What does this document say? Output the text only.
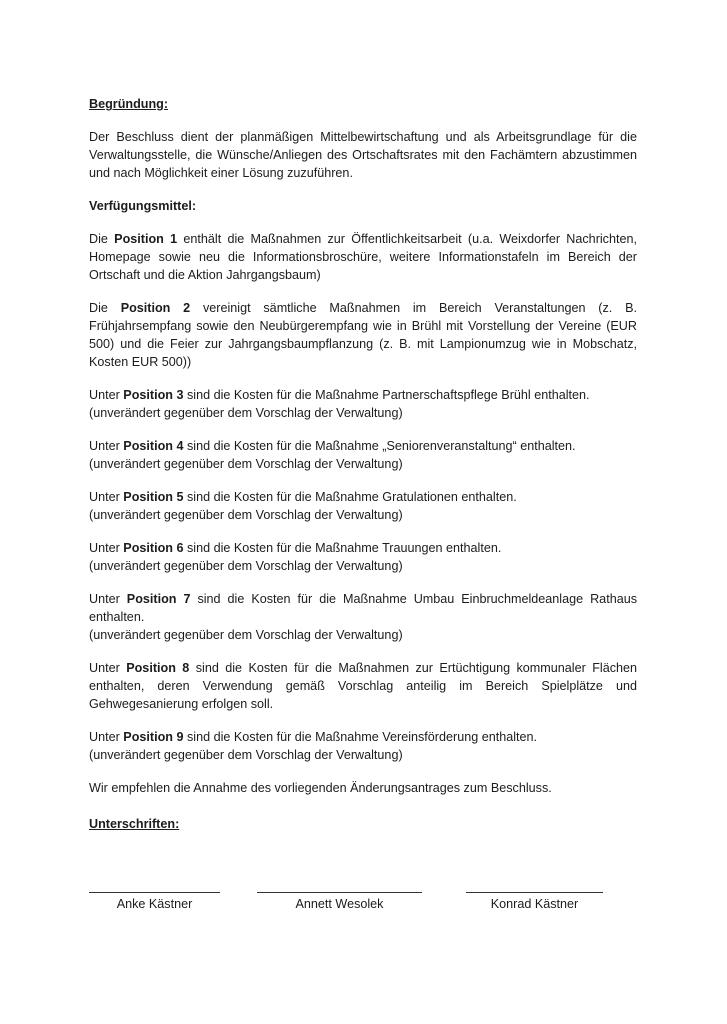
Begründung:

Der Beschluss dient der planmäßigen Mittelbewirtschaftung und als Arbeitsgrundlage für die Verwaltungsstelle, die Wünsche/Anliegen des Ortschaftsrates mit den Fachämtern abzustimmen und nach Möglichkeit einer Lösung zuzuführen.

Verfügungsmittel:

Die Position 1 enthält die Maßnahmen zur Öffentlichkeitsarbeit (u.a. Weixdorfer Nachrichten, Homepage sowie neu die Informationsbroschüre, weitere Informationstafeln im Bereich der Ortschaft und die Aktion Jahrgangsbaum)

Die Position 2 vereinigt sämtliche Maßnahmen im Bereich Veranstaltungen (z. B. Frühjahrsempfang sowie den Neubürgerempfang wie in Brühl mit Vorstellung der Vereine (EUR 500) und die Feier zur Jahrgangsbaumpflanzung (z. B. mit Lampionumzug wie in Mobschatz, Kosten EUR 500))

Unter Position 3 sind die Kosten für die Maßnahme Partnerschaftspflege Brühl enthalten.

(unverändert gegenüber dem Vorschlag der Verwaltung)

Unter Position 4 sind die Kosten für die Maßnahme „Seniorenveranstaltung“ enthalten.

(unverändert gegenüber dem Vorschlag der Verwaltung)

Unter Position 5 sind die Kosten für die Maßnahme Gratulationen enthalten.

(unverändert gegenüber dem Vorschlag der Verwaltung)

Unter Position 6 sind die Kosten für die Maßnahme Trauungen enthalten.

(unverändert gegenüber dem Vorschlag der Verwaltung)

Unter Position 7 sind die Kosten für die Maßnahme Umbau Einbruchmeldeanlage Rathaus enthalten.

(unverändert gegenüber dem Vorschlag der Verwaltung)

Unter Position 8 sind die Kosten für die Maßnahmen zur Ertüchtigung kommunaler Flächen enthalten, deren Verwendung gemäß Vorschlag anteilig im Bereich Spielplätze und Gehwegesanierung erfolgen soll.

Unter Position 9 sind die Kosten für die Maßnahme Vereinsförderung enthalten.

(unverändert gegenüber dem Vorschlag der Verwaltung)

Wir empfehlen die Annahme des vorliegenden Änderungsantrages zum Beschluss.

Unterschriften:

Anke Kästner	Annett Wesolek	Konrad Kästner
